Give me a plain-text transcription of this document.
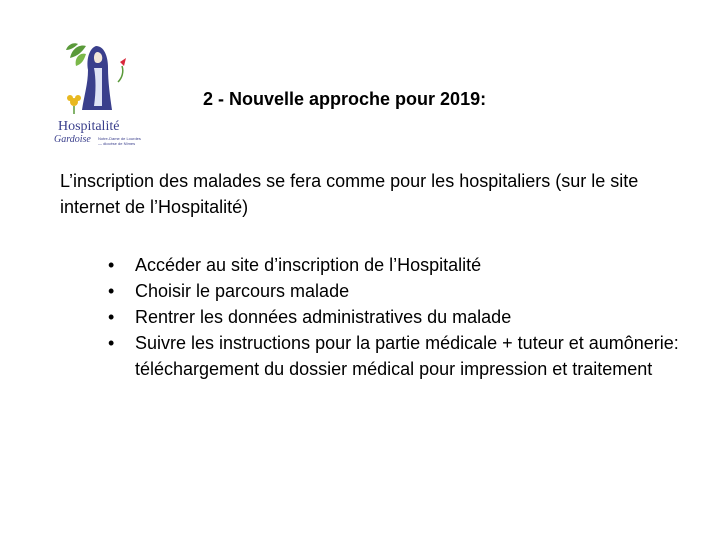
Hospitalité
Gardoise Notre-Dame de Lourdes — diocèse de Nîmes
2 - Nouvelle approche pour 2019:
L’inscription des malades se fera comme pour les hospitaliers (sur le site internet de l’Hospitalité)
•	Accéder au site d’inscription de l’Hospitalité
•	Choisir le parcours malade
•	Rentrer les données administratives du malade
•	Suivre les instructions pour la partie médicale + tuteur et aumônerie: téléchargement du dossier médical pour impression et traitement
